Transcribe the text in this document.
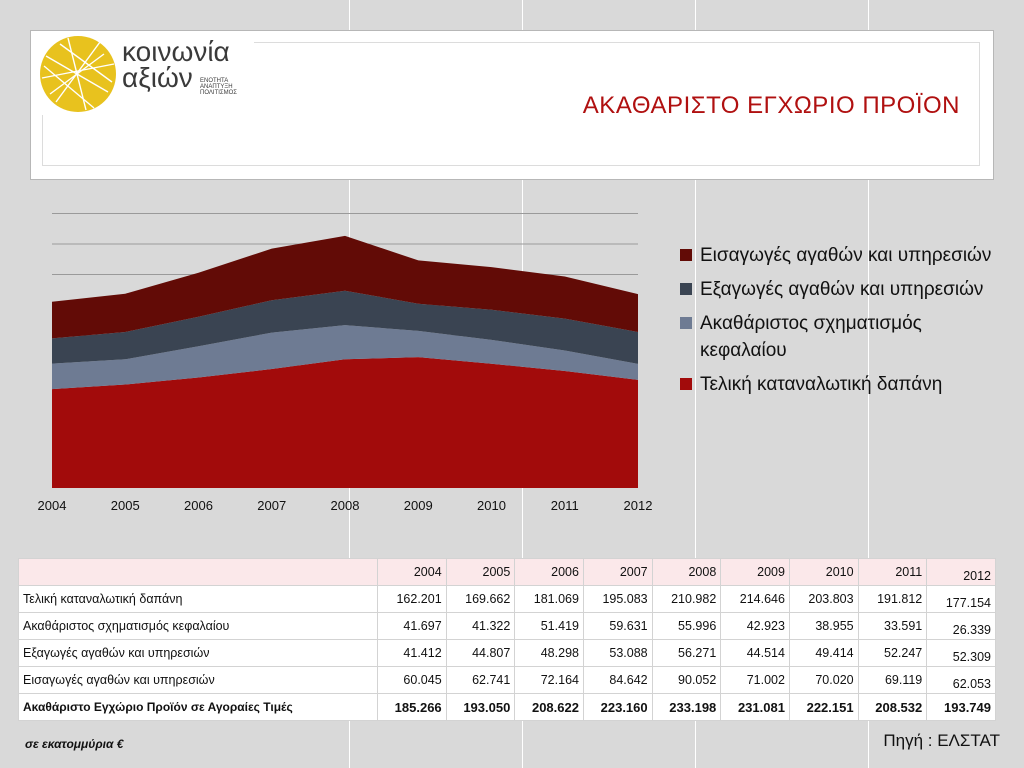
κοινωνία
αξιών	ΕΝΟΤΗΤΑ
ΑΝΑΠΤΥΞΗ
ΠΟΛΙΤΙΣΜΟΣ	ΑΚΑΘΑΡΙΣΤΟ ΕΓΧΩΡΙΟ ΠΡΟΪΟΝ
2004	2005	2006	2007	2008	2009	2010	2011	2012
Εισαγωγές αγαθών και υπηρεσιών
Εξαγωγές αγαθών και υπηρεσιών
Ακαθάριστος σχηματισμός κεφαλαίου
Τελική καταναλωτική δαπάνη
	2004	2005	2006	2007	2008	2009	2010	2011	2012
Τελική καταναλωτική δαπάνη	162.201	169.662	181.069	195.083	210.982	214.646	203.803	191.812	177.154
Ακαθάριστος σχηματισμός κεφαλαίου	41.697	41.322	51.419	59.631	55.996	42.923	38.955	33.591	26.339
Εξαγωγές αγαθών και υπηρεσιών	41.412	44.807	48.298	53.088	56.271	44.514	49.414	52.247	52.309
Εισαγωγές αγαθών και υπηρεσιών	60.045	62.741	72.164	84.642	90.052	71.002	70.020	69.119	62.053
Ακαθάριστο Εγχώριο Προϊόν σε Αγοραίες Τιμές	185.266	193.050	208.622	223.160	233.198	231.081	222.151	208.532	193.749
σε εκατομμύρια €	Πηγή : ΕΛΣΤΑΤ
